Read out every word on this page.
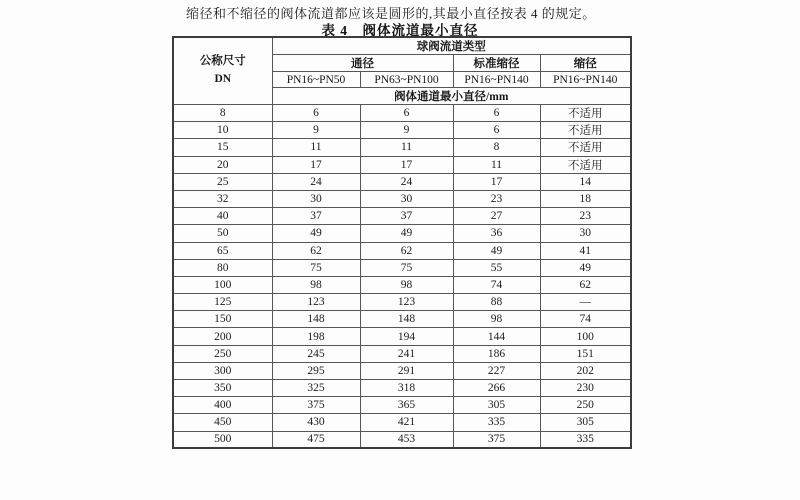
缩径和不缩径的阀体流道都应该是圆形的,其最小直径按表 4 的规定。

表 4　阀体流道最小直径
公称尺寸
DN	球阀流道类型			
	通径		标准缩径	缩径
	PN16~PN50	PN63~PN100	PN16~PN140	PN16~PN140
	阀体通道最小直径/mm			
8	6	6	6	不适用
10	9	9	6	不适用
15	11	11	8	不适用
20	17	17	11	不适用
25	24	24	17	14
32	30	30	23	18
40	37	37	27	23
50	49	49	36	30
65	62	62	49	41
80	75	75	55	49
100	98	98	74	62
125	123	123	88	—
150	148	148	98	74
200	198	194	144	100
250	245	241	186	151
300	295	291	227	202
350	325	318	266	230
400	375	365	305	250
450	430	421	335	305
500	475	453	375	335
